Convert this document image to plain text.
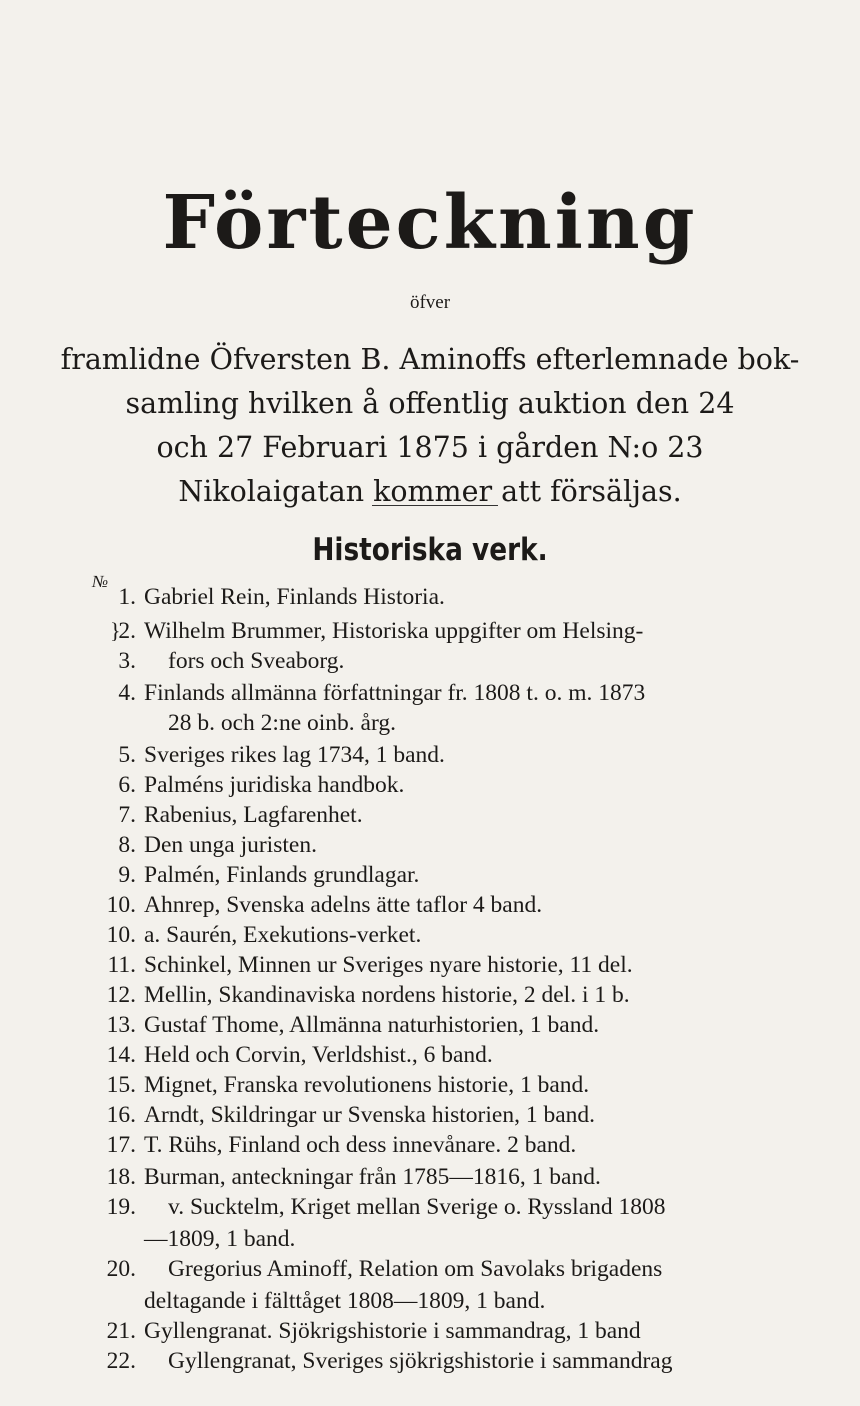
Förteckning
öfver
framlidne Öfversten B. Aminoffs efterlemnade bok-
samling hvilken å offentlig auktion den 24
och 27 Februari 1875 i gården N:o 23
Nikolaigatan kommer att försäljas.
Historiska verk.
№
1. Gabriel Rein, Finlands Historia.
2.
} Wilhelm Brummer, Historiska uppgifter om Helsing-
3. fors och Sveaborg.
4. Finlands allmänna författningar fr. 1808 t. o. m. 1873
28 b. och 2:ne oinb. årg.
5. Sveriges rikes lag 1734, 1 band.
6. Palméns juridiska handbok.
7. Rabenius, Lagfarenhet.
8. Den unga juristen.
9. Palmén, Finlands grundlagar.
10. Ahnrep, Svenska adelns ätte taflor 4 band.
10. a. Saurén, Exekutions-verket.
11. Schinkel, Minnen ur Sveriges nyare historie, 11 del.
12. Mellin, Skandinaviska nordens historie, 2 del. i 1 b.
13. Gustaf Thome, Allmänna naturhistorien, 1 band.
14. Held och Corvin, Verldshist., 6 band.
15. Mignet, Franska revolutionens historie, 1 band.
16. Arndt, Skildringar ur Svenska historien, 1 band.
17. T. Rühs, Finland och dess innevånare. 2 band.
18. Burman, anteckningar från 1785—1816, 1 band.
19. v. Sucktelm, Kriget mellan Sverige o. Ryssland 1808
—1809, 1 band.
20. Gregorius Aminoff, Relation om Savolaks brigadens
deltagande i fälttåget 1808—1809, 1 band.
21. Gyllengranat. Sjökrigshistorie i sammandrag, 1 band
22. Gyllengranat, Sveriges sjökrigshistorie i sammandrag
